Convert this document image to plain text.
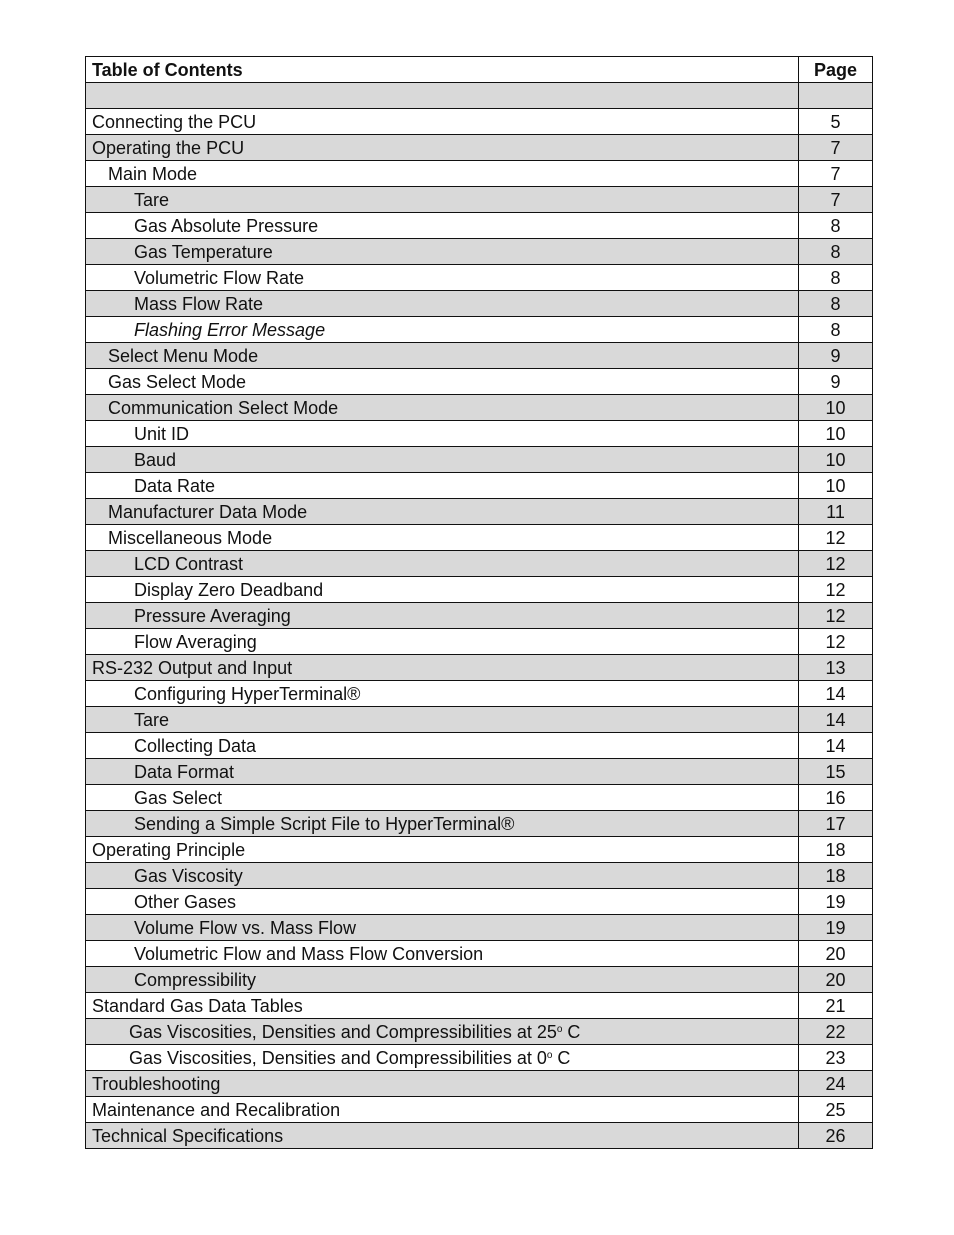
Table of Contents	Page

Connecting the PCU	5
Operating the PCU	7
Main Mode	7
Tare	7
Gas Absolute Pressure	8
Gas Temperature	8
Volumetric Flow Rate	8
Mass Flow Rate	8
Flashing Error Message	8
Select Menu Mode	9
Gas Select Mode	9
Communication Select Mode	10
Unit ID	10
Baud	10
Data Rate	10
Manufacturer Data Mode	11
Miscellaneous Mode	12
LCD Contrast	12
Display Zero Deadband	12
Pressure Averaging	12
Flow Averaging	12
RS-232 Output and Input	13
Configuring HyperTerminal®	14
Tare	14
Collecting Data	14
Data Format	15
Gas Select	16
Sending a Simple Script File to HyperTerminal®	17
Operating Principle	18
Gas Viscosity	18
Other Gases	19
Volume Flow vs. Mass Flow	19
Volumetric Flow and Mass Flow Conversion	20
Compressibility	20
Standard Gas Data Tables	21
Gas Viscosities, Densities and Compressibilities at 25$^o$ C	22
Gas Viscosities, Densities and Compressibilities at 0$^o$ C	23
Troubleshooting	24
Maintenance and Recalibration	25
Technical Specifications	26
